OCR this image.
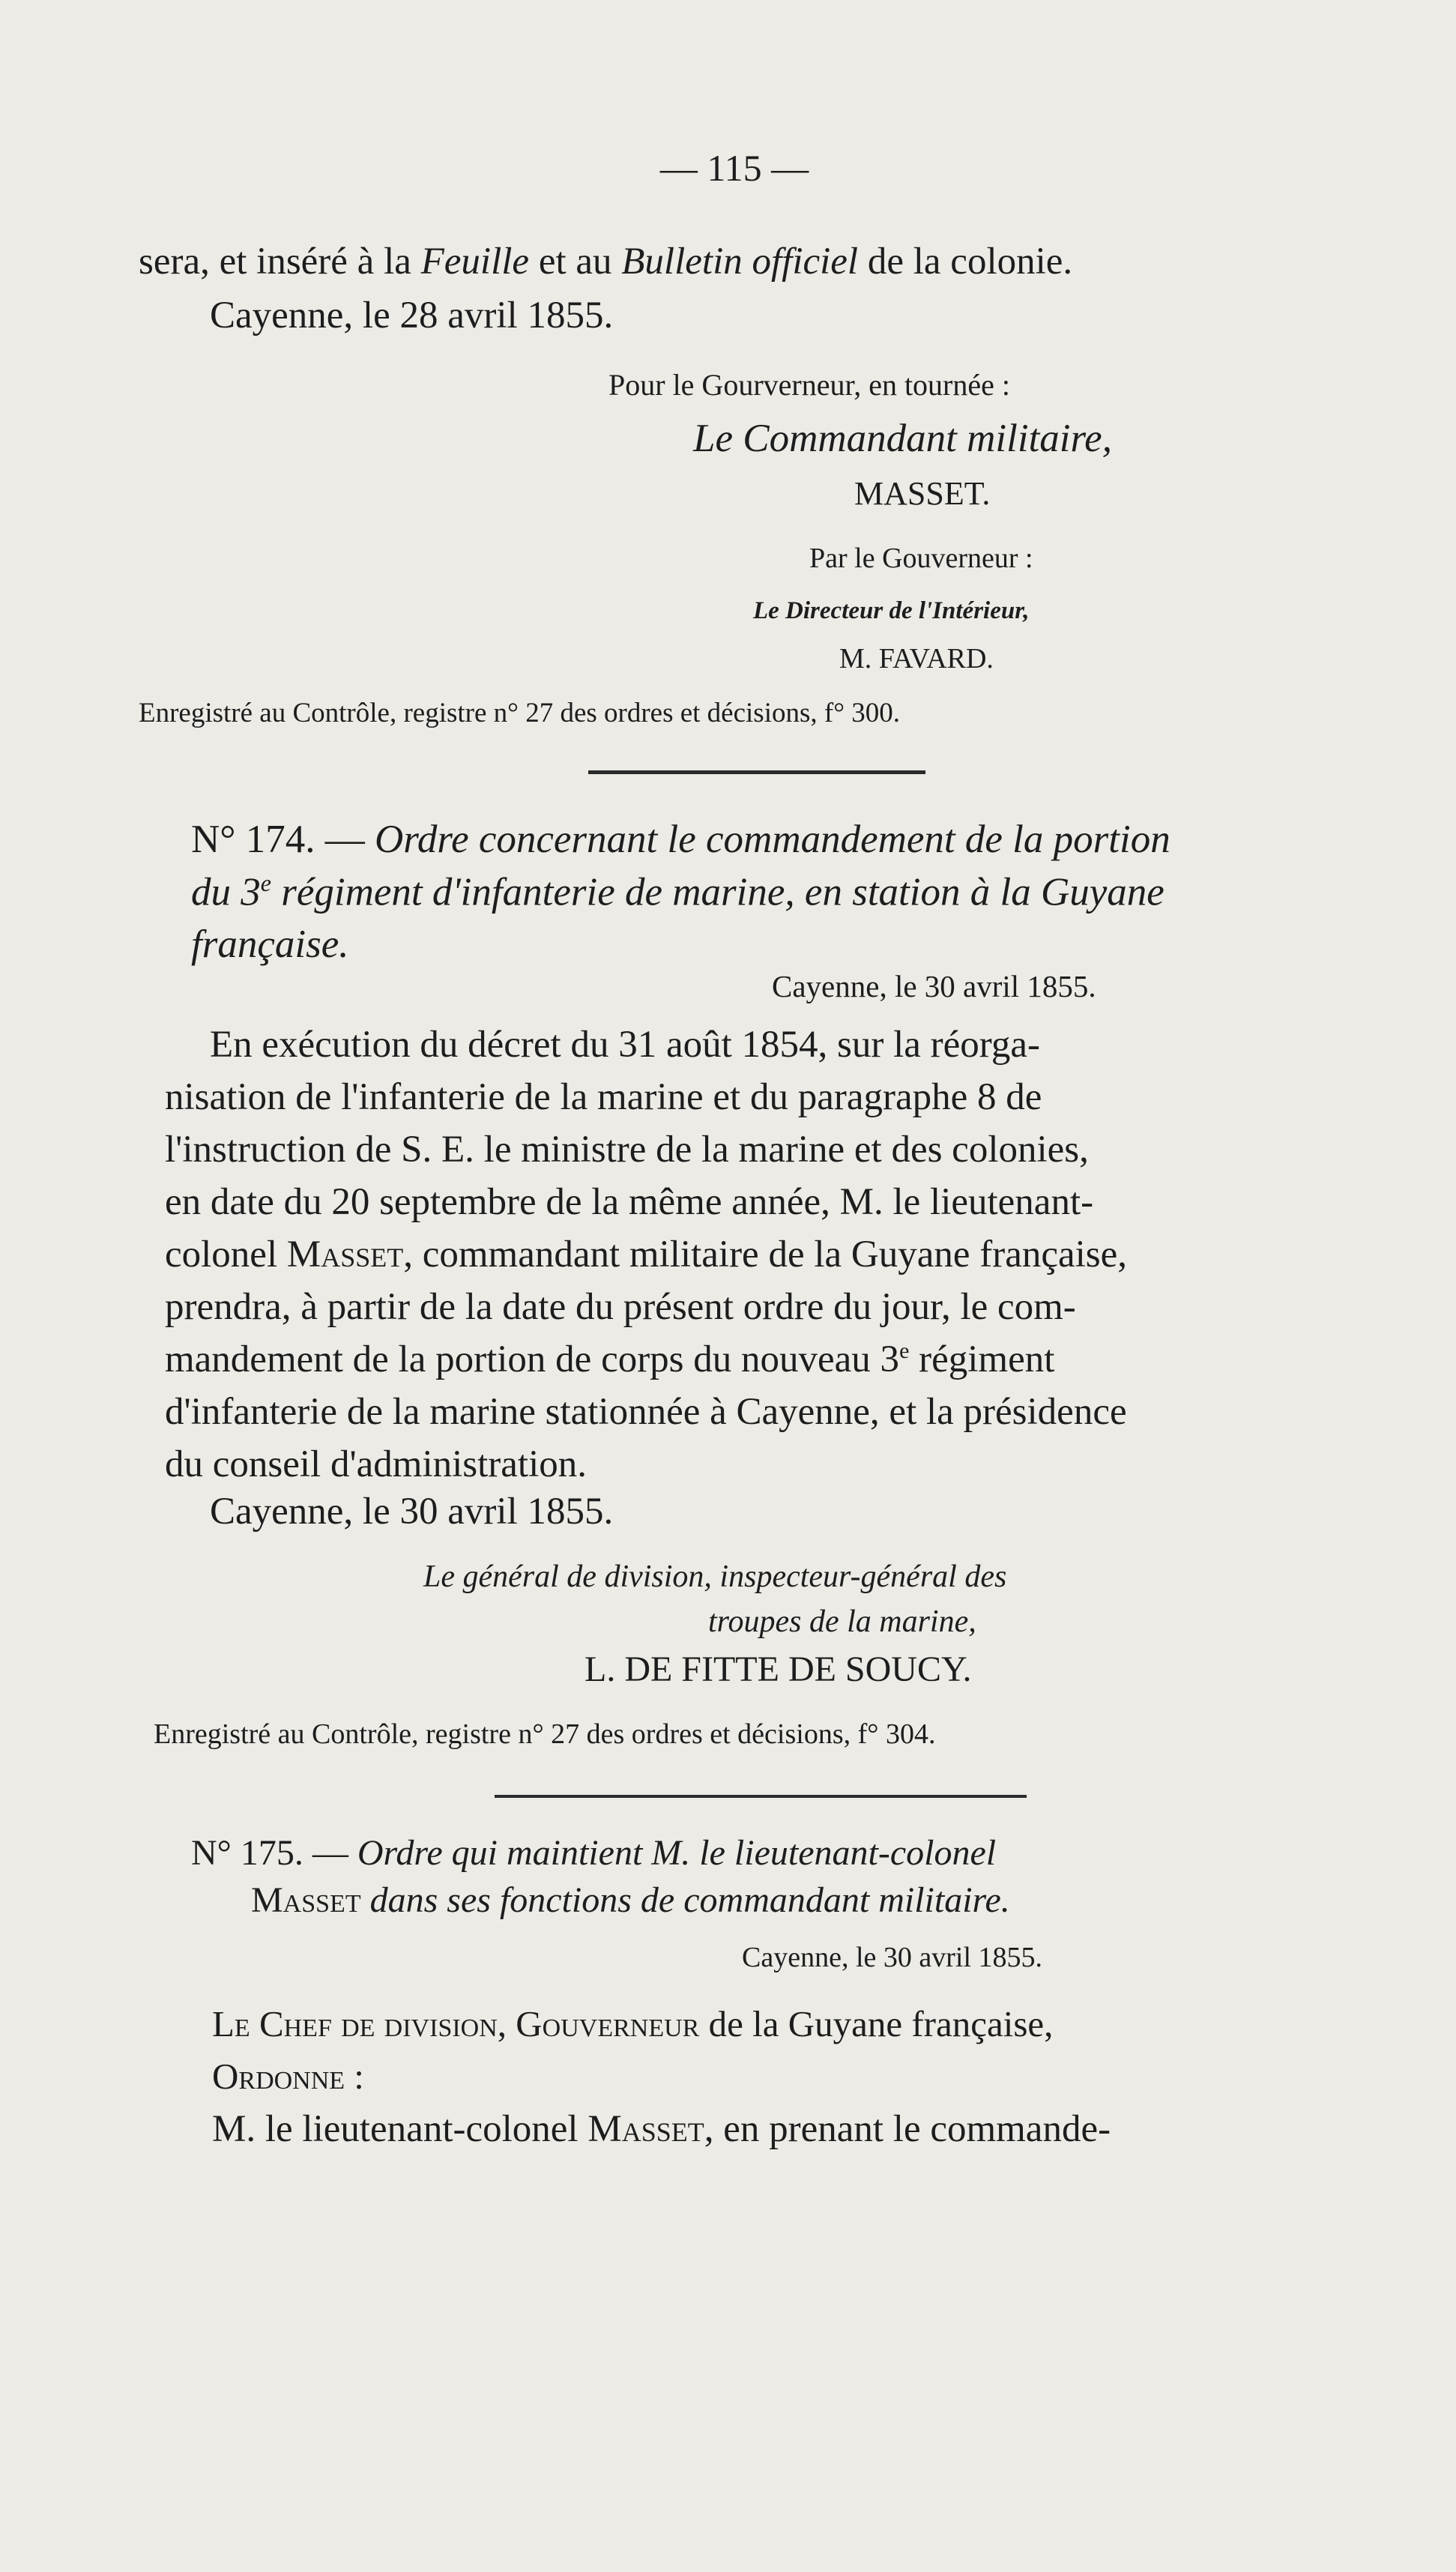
— 115 —
sera, et inséré à la Feuille et au Bulletin officiel de la colonie.
Cayenne, le 28 avril 1855.
Pour le Gourverneur, en tournée :
Le Commandant militaire,
MASSET.
Par le Gouverneur :
Le Directeur de l'Intérieur,
M. FAVARD.
Enregistré au Contrôle, registre n° 27 des ordres et décisions, f° 300.
N° 174. — Ordre concernant le commandement de la portion
du 3e régiment d'infanterie de marine, en station à la Guyane
française.
Cayenne, le 30 avril 1855.
En exécution du décret du 31 août 1854, sur la réorga-
nisation de l'infanterie de la marine et du paragraphe 8 de
l'instruction de S. E. le ministre de la marine et des colonies,
en date du 20 septembre de la même année, M. le lieutenant-
colonel Masset, commandant militaire de la Guyane française,
prendra, à partir de la date du présent ordre du jour, le com-
mandement de la portion de corps du nouveau 3e régiment
d'infanterie de la marine stationnée à Cayenne, et la présidence
du conseil d'administration.
Cayenne, le 30 avril 1855.
Le général de division, inspecteur-général des
troupes de la marine,
L. DE FITTE DE SOUCY.
Enregistré au Contrôle, registre n° 27 des ordres et décisions, f° 304.
N° 175. — Ordre qui maintient M. le lieutenant-colonel
Masset dans ses fonctions de commandant militaire.
Cayenne, le 30 avril 1855.
Le Chef de division, Gouverneur de la Guyane française,
Ordonne :
M. le lieutenant-colonel Masset, en prenant le commande-
